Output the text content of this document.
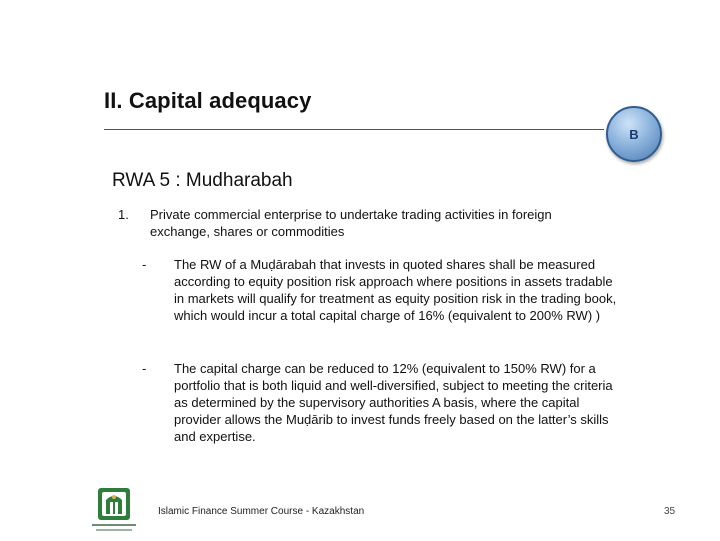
II. Capital adequacy
B
RWA 5 : Mudharabah
1. Private commercial enterprise to undertake trading activities in foreign exchange, shares or commodities
- The RW of a Muḍārabah that invests in quoted shares shall be measured according to equity position risk approach where positions in assets tradable in markets will qualify for treatment as equity position risk in the trading book, which would incur a total capital charge of 16% (equivalent to 200% RW) )
- The capital charge can be reduced to 12% (equivalent to 150% RW) for a portfolio that is both liquid and well-diversified, subject to meeting the criteria as determined by the supervisory authorities A basis, where the capital provider allows the Muḍārib to invest funds freely based on the latter’s skills and expertise.
Islamic Finance Summer Course - Kazakhstan	35
